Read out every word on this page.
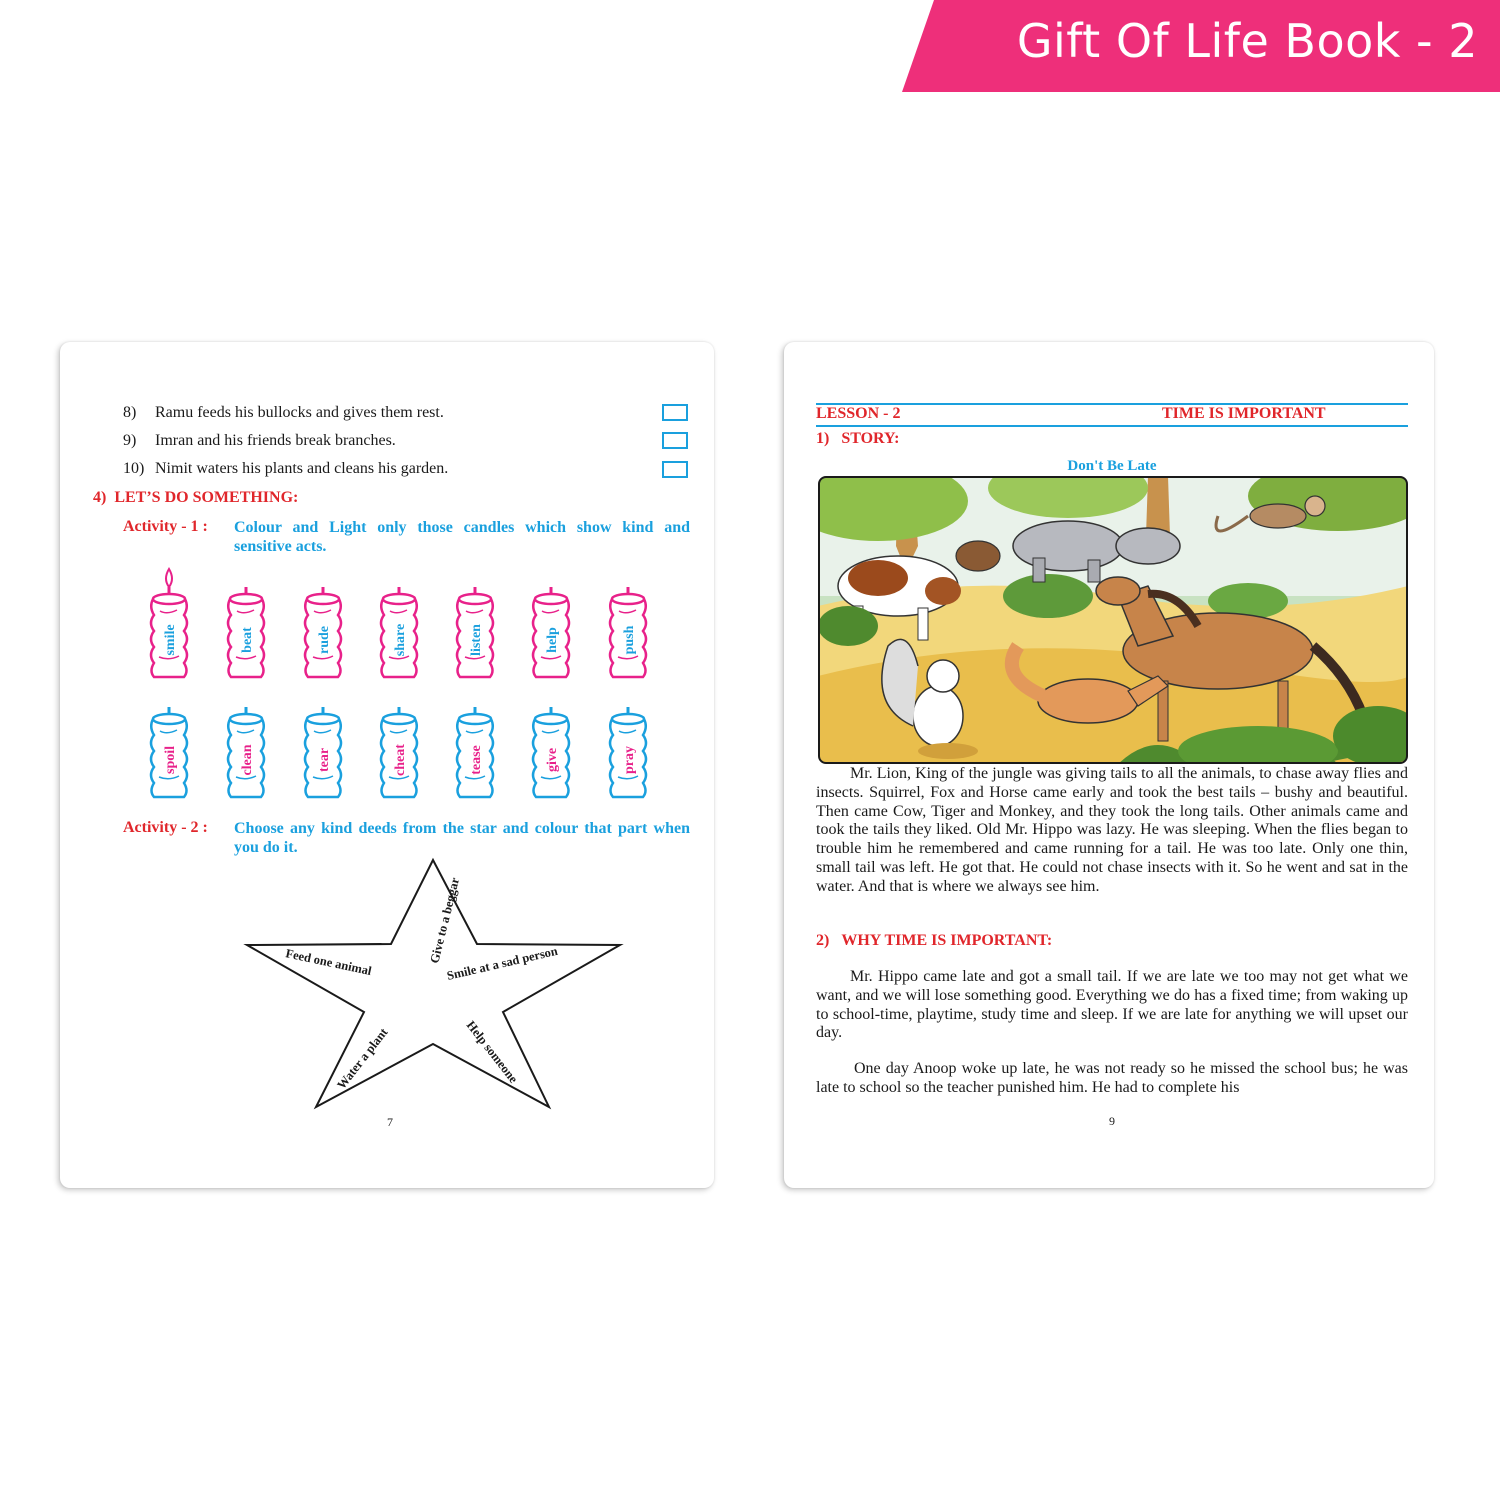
Gift Of Life Book - 2
8) Ramu feeds his bullocks and gives them rest.
9) Imran and his friends break branches.
10) Nimit waters his plants and cleans his garden.
4) LET’S DO SOMETHING:
Activity - 1 : Colour and Light only those candles which show kind and sensitive acts.
smile	beat	rude	share	listen	help	push
spoil	clean	tear	cheat	tease	give	pray
Activity - 2 : Choose any kind deeds from the star and colour that part when you do it.
Give to a beggar
Feed one animal	Smile at a sad person
Water a plant	Help someone
7
LESSON - 2	TIME IS IMPORTANT
1) STORY:
Don't Be Late

Mr. Lion, King of the jungle was giving tails to all the animals, to chase away flies and insects. Squirrel, Fox and Horse came early and took the best tails – bushy and beautiful. Then came Cow, Tiger and Monkey, and they took the long tails. Other animals came and took the tails they liked. Old Mr. Hippo was lazy. He was sleeping. When the flies began to trouble him he remembered and came running for a tail. He was too late. Only one thin, small tail was left. He got that. He could not chase insects with it. So he went and sat in the water. And that is where we always see him.

2) WHY TIME IS IMPORTANT:

Mr. Hippo came late and got a small tail. If we are late we too may not get what we want, and we will lose something good. Everything we do has a fixed time; from waking up to school-time, playtime, study time and sleep. If we are late for anything we will upset our day.

One day Anoop woke up late, he was not ready so he missed the school bus; he was late to school so the teacher punished him. He had to complete his

9
